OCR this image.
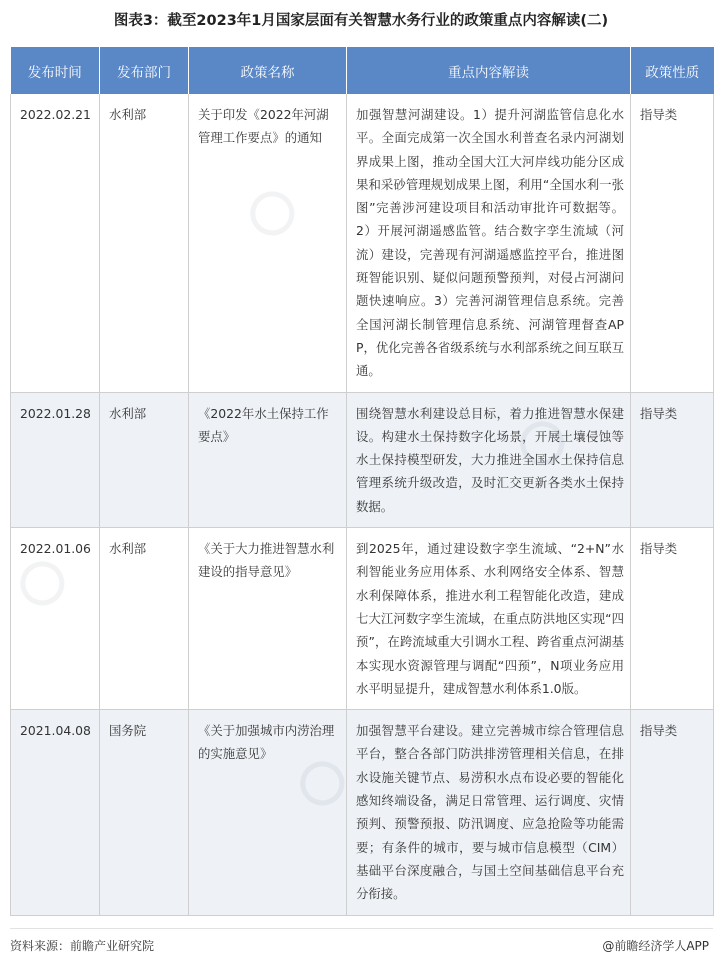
图表3：截至2023年1月国家层面有关智慧水务行业的政策重点内容解读(二)
发布时间	发布部门	政策名称	重点内容解读	政策性质
2022.02.21	水利部	关于印发《2022年河湖管理工作要点》的通知	加强智慧河湖建设。1）提升河湖监管信息化水平。全面完成第一次全国水利普查名录内河湖划界成果上图，推动全国大江大河岸线功能分区成果和采砂管理规划成果上图，利用“全国水利一张图”完善涉河建设项目和活动审批许可数据等。2）开展河湖遥感监管。结合数字孪生流域（河流）建设，完善现有河湖遥感监控平台，推进图斑智能识别、疑似问题预警预判，对侵占河湖问题快速响应。3）完善河湖管理信息系统。完善全国河湖长制管理信息系统、河湖管理督查APP，优化完善各省级系统与水利部系统之间互联互通。	指导类
2022.01.28	水利部	《2022年水土保持工作要点》	围绕智慧水利建设总目标，着力推进智慧水保建设。构建水土保持数字化场景，开展土壤侵蚀等水土保持模型研发，大力推进全国水土保持信息管理系统升级改造，及时汇交更新各类水土保持数据。	指导类
2022.01.06	水利部	《关于大力推进智慧水利建设的指导意见》	到2025年，通过建设数字孪生流域、“2+N”水利智能业务应用体系、水利网络安全体系、智慧水利保障体系，推进水利工程智能化改造，建成七大江河数字孪生流域，在重点防洪地区实现“四预”，在跨流域重大引调水工程、跨省重点河湖基本实现水资源管理与调配“四预”，N项业务应用水平明显提升，建成智慧水利体系1.0版。	指导类
2021.04.08	国务院	《关于加强城市内涝治理的实施意见》	加强智慧平台建设。建立完善城市综合管理信息平台，整合各部门防洪排涝管理相关信息，在排水设施关键节点、易涝积水点布设必要的智能化感知终端设备，满足日常管理、运行调度、灾情预判、预警预报、防汛调度、应急抢险等功能需要；有条件的城市，要与城市信息模型（CIM）基础平台深度融合，与国土空间基础信息平台充分衔接。	指导类
资料来源：前瞻产业研究院	@前瞻经济学人APP
